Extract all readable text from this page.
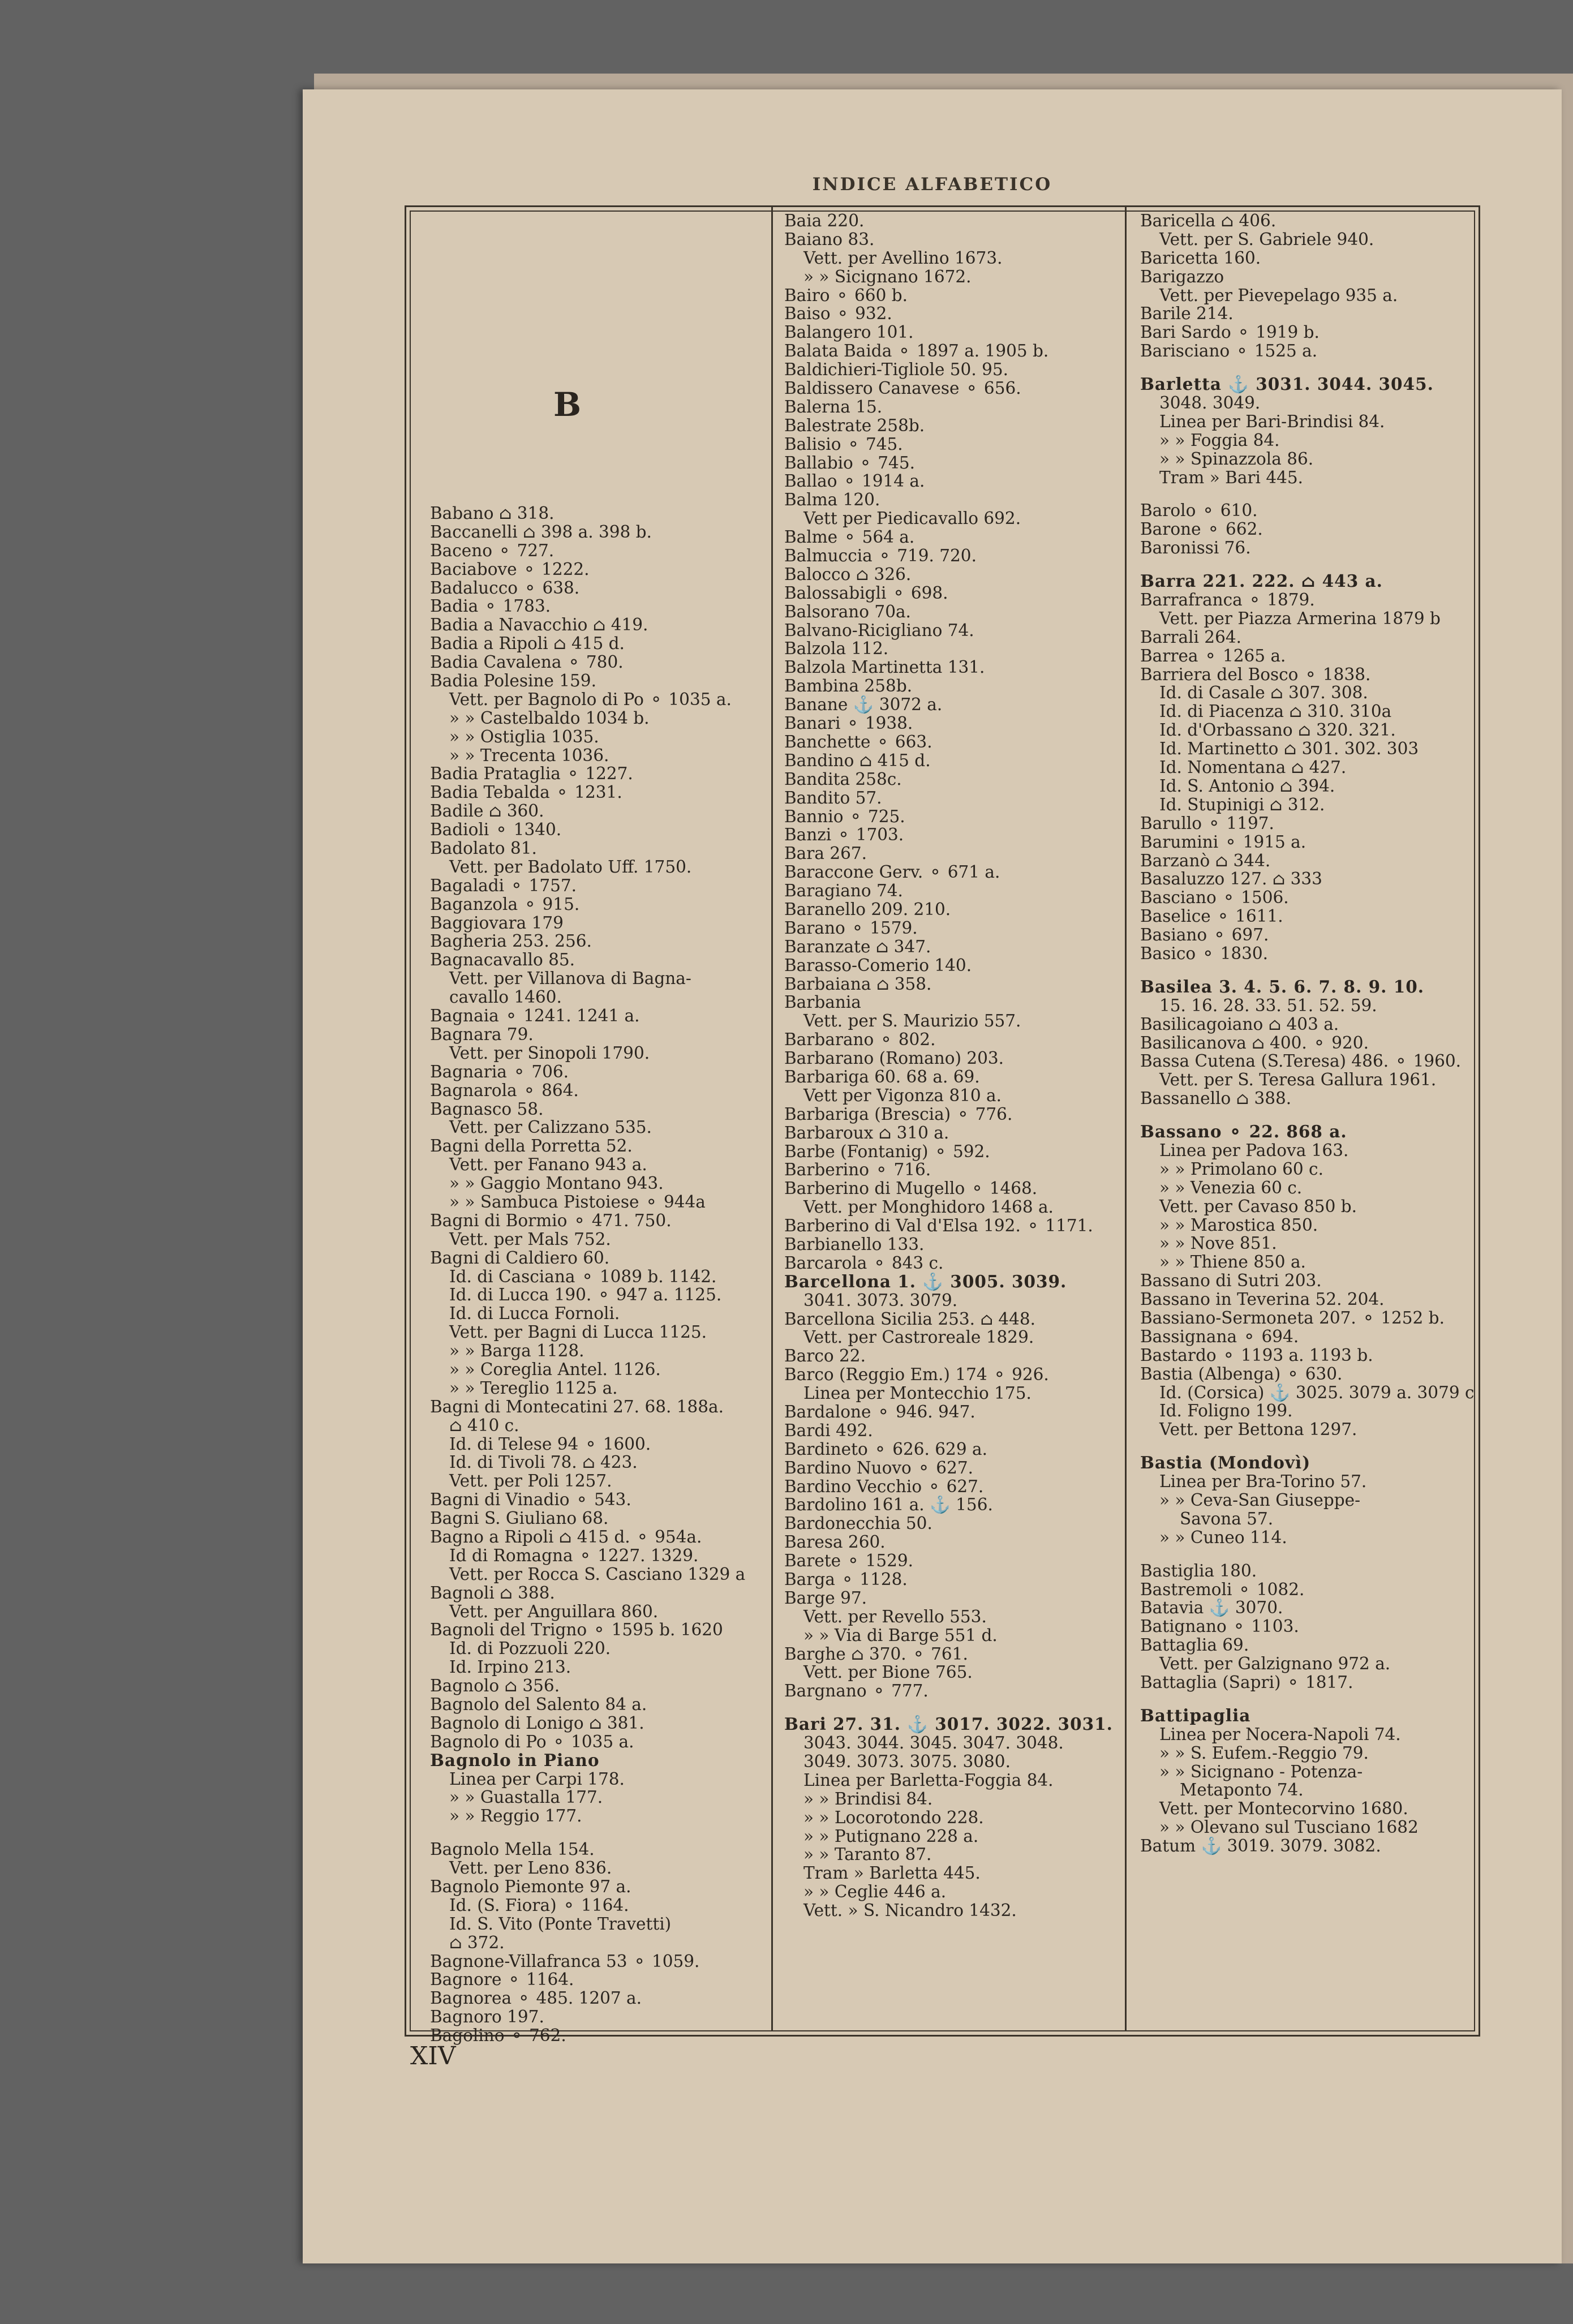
INDICE ALFABETICO
B
Babano ⌂ 318.
Baccanelli ⌂ 398 a. 398 b.
Baceno ⚬ 727.
Baciabove ⚬ 1222.
Badalucco ⚬ 638.
Badia ⚬ 1783.
Badia a Navacchio ⌂ 419.
Badia a Ripoli ⌂ 415 d.
Badia Cavalena ⚬ 780.
Badia Polesine 159.
Vett. per Bagnolo di Po ⚬ 1035 a.
» » Castelbaldo 1034 b.
» » Ostiglia 1035.
» » Trecenta 1036.
Badia Prataglia ⚬ 1227.
Badia Tebalda ⚬ 1231.
Badile ⌂ 360.
Badioli ⚬ 1340.
Badolato 81.
Vett. per Badolato Uff. 1750.
Bagaladi ⚬ 1757.
Baganzola ⚬ 915.
Baggiovara 179
Bagheria 253. 256.
Bagnacavallo 85.
Vett. per Villanova di Bagna-
cavallo 1460.
Bagnaia ⚬ 1241. 1241 a.
Bagnara 79.
Vett. per Sinopoli 1790.
Bagnaria ⚬ 706.
Bagnarola ⚬ 864.
Bagnasco 58.
Vett. per Calizzano 535.
Bagni della Porretta 52.
Vett. per Fanano 943 a.
» » Gaggio Montano 943.
» » Sambuca Pistoiese ⚬ 944a
Bagni di Bormio ⚬ 471. 750.
Vett. per Mals 752.
Bagni di Caldiero 60.
Id. di Casciana ⚬ 1089 b. 1142.
Id. di Lucca 190. ⚬ 947 a. 1125.
Id. di Lucca Fornoli.
Vett. per Bagni di Lucca 1125.
» » Barga 1128.
» » Coreglia Antel. 1126.
» » Tereglio 1125 a.
Bagni di Montecatini 27. 68. 188a.
⌂ 410 c.
Id. di Telese 94 ⚬ 1600.
Id. di Tivoli 78. ⌂ 423.
Vett. per Poli 1257.
Bagni di Vinadio ⚬ 543.
Bagni S. Giuliano 68.
Bagno a Ripoli ⌂ 415 d. ⚬ 954a.
Id di Romagna ⚬ 1227. 1329.
Vett. per Rocca S. Casciano 1329 a
Bagnoli ⌂ 388.
Vett. per Anguillara 860.
Bagnoli del Trigno ⚬ 1595 b. 1620
Id. di Pozzuoli 220.
Id. Irpino 213.
Bagnolo ⌂ 356.
Bagnolo del Salento 84 a.
Bagnolo di Lonigo ⌂ 381.
Bagnolo di Po ⚬ 1035 a.
Bagnolo in Piano
Linea per Carpi 178.
» » Guastalla 177.
» » Reggio 177.
Bagnolo Mella 154.
Vett. per Leno 836.
Bagnolo Piemonte 97 a.
Id. (S. Fiora) ⚬ 1164.
Id. S. Vito (Ponte Travetti)
⌂ 372.
Bagnone-Villafranca 53 ⚬ 1059.
Bagnore ⚬ 1164.
Bagnorea ⚬ 485. 1207 a.
Bagnoro 197.
Bagolino ⚬ 762.
Baia 220.
Baiano 83.
Vett. per Avellino 1673.
» » Sicignano 1672.
Bairo ⚬ 660 b.
Baiso ⚬ 932.
Balangero 101.
Balata Baida ⚬ 1897 a. 1905 b.
Baldichieri-Tigliole 50. 95.
Baldissero Canavese ⚬ 656.
Balerna 15.
Balestrate 258b.
Balisio ⚬ 745.
Ballabio ⚬ 745.
Ballao ⚬ 1914 a.
Balma 120.
Vett per Piedicavallo 692.
Balme ⚬ 564 a.
Balmuccia ⚬ 719. 720.
Balocco ⌂ 326.
Balossabigli ⚬ 698.
Balsorano 70a.
Balvano-Ricigliano 74.
Balzola 112.
Balzola Martinetta 131.
Bambina 258b.
Banane ⚓ 3072 a.
Banari ⚬ 1938.
Banchette ⚬ 663.
Bandino ⌂ 415 d.
Bandita 258c.
Bandito 57.
Bannio ⚬ 725.
Banzi ⚬ 1703.
Bara 267.
Baraccone Gerv. ⚬ 671 a.
Baragiano 74.
Baranello 209. 210.
Barano ⚬ 1579.
Baranzate ⌂ 347.
Barasso-Comerio 140.
Barbaiana ⌂ 358.
Barbania
Vett. per S. Maurizio 557.
Barbarano ⚬ 802.
Barbarano (Romano) 203.
Barbariga 60. 68 a. 69.
Vett per Vigonza 810 a.
Barbariga (Brescia) ⚬ 776.
Barbaroux ⌂ 310 a.
Barbe (Fontanig) ⚬ 592.
Barberino ⚬ 716.
Barberino di Mugello ⚬ 1468.
Vett. per Monghidoro 1468 a.
Barberino di Val d'Elsa 192. ⚬ 1171.
Barbianello 133.
Barcarola ⚬ 843 c.
Barcellona 1. ⚓ 3005. 3039.
3041. 3073. 3079.
Barcellona Sicilia 253. ⌂ 448.
Vett. per Castroreale 1829.
Barco 22.
Barco (Reggio Em.) 174 ⚬ 926.
Linea per Montecchio 175.
Bardalone ⚬ 946. 947.
Bardi 492.
Bardineto ⚬ 626. 629 a.
Bardino Nuovo ⚬ 627.
Bardino Vecchio ⚬ 627.
Bardolino 161 a. ⚓ 156.
Bardonecchia 50.
Baresa 260.
Barete ⚬ 1529.
Barga ⚬ 1128.
Barge 97.
Vett. per Revello 553.
» » Via di Barge 551 d.
Barghe ⌂ 370. ⚬ 761.
Vett. per Bione 765.
Bargnano ⚬ 777.
Bari 27. 31. ⚓ 3017. 3022. 3031.
3043. 3044. 3045. 3047. 3048.
3049. 3073. 3075. 3080.
Linea per Barletta-Foggia 84.
» » Brindisi 84.
» » Locorotondo 228.
» » Putignano 228 a.
» » Taranto 87.
Tram » Barletta 445.
» » Ceglie 446 a.
Vett. » S. Nicandro 1432.
Baricella ⌂ 406.
Vett. per S. Gabriele 940.
Baricetta 160.
Barigazzo
Vett. per Pievepelago 935 a.
Barile 214.
Bari Sardo ⚬ 1919 b.
Barisciano ⚬ 1525 a.
Barletta ⚓ 3031. 3044. 3045.
3048. 3049.
Linea per Bari-Brindisi 84.
» » Foggia 84.
» » Spinazzola 86.
Tram » Bari 445.
Barolo ⚬ 610.
Barone ⚬ 662.
Baronissi 76.
Barra 221. 222. ⌂ 443 a.
Barrafranca ⚬ 1879.
Vett. per Piazza Armerina 1879 b
Barrali 264.
Barrea ⚬ 1265 a.
Barriera del Bosco ⚬ 1838.
Id. di Casale ⌂ 307. 308.
Id. di Piacenza ⌂ 310. 310a
Id. d'Orbassano ⌂ 320. 321.
Id. Martinetto ⌂ 301. 302. 303
Id. Nomentana ⌂ 427.
Id. S. Antonio ⌂ 394.
Id. Stupinigi ⌂ 312.
Barullo ⚬ 1197.
Barumini ⚬ 1915 a.
Barzanò ⌂ 344.
Basaluzzo 127. ⌂ 333
Basciano ⚬ 1506.
Baselice ⚬ 1611.
Basiano ⚬ 697.
Basico ⚬ 1830.
Basilea 3. 4. 5. 6. 7. 8. 9. 10.
15. 16. 28. 33. 51. 52. 59.
Basilicagoiano ⌂ 403 a.
Basilicanova ⌂ 400. ⚬ 920.
Bassa Cutena (S.Teresa) 486. ⚬ 1960.
Vett. per S. Teresa Gallura 1961.
Bassanello ⌂ 388.
Bassano ⚬ 22. 868 a.
Linea per Padova 163.
» » Primolano 60 c.
» » Venezia 60 c.
Vett. per Cavaso 850 b.
» » Marostica 850.
» » Nove 851.
» » Thiene 850 a.
Bassano di Sutri 203.
Bassano in Teverina 52. 204.
Bassiano-Sermoneta 207. ⚬ 1252 b.
Bassignana ⚬ 694.
Bastardo ⚬ 1193 a. 1193 b.
Bastia (Albenga) ⚬ 630.
Id. (Corsica) ⚓ 3025. 3079 a. 3079 c
Id. Foligno 199.
Vett. per Bettona 1297.
Bastia (Mondovì)
Linea per Bra-Torino 57.
» » Ceva-San Giuseppe-
Savona 57.
» » Cuneo 114.
Bastiglia 180.
Bastremoli ⚬ 1082.
Batavia ⚓ 3070.
Batignano ⚬ 1103.
Battaglia 69.
Vett. per Galzignano 972 a.
Battaglia (Sapri) ⚬ 1817.
Battipaglia
Linea per Nocera-Napoli 74.
» » S. Eufem.-Reggio 79.
» » Sicignano - Potenza-
Metaponto 74.
Vett. per Montecorvino 1680.
» » Olevano sul Tusciano 1682
Batum ⚓ 3019. 3079. 3082.
XIV
